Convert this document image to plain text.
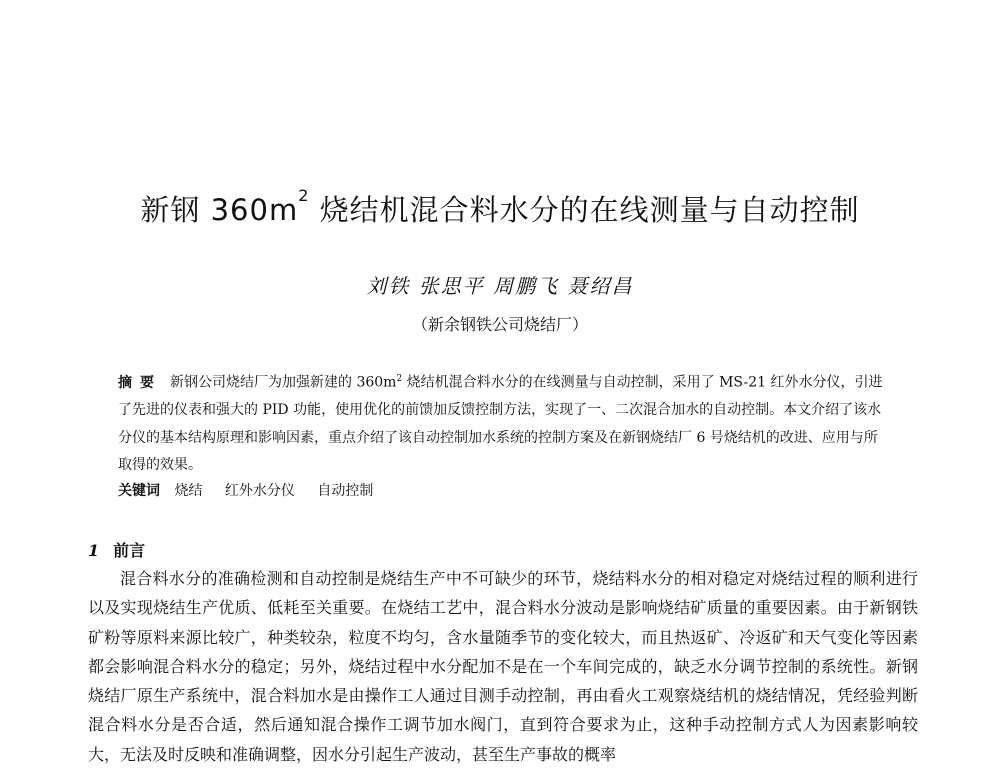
新钢 $360m^2$ 烧结机混合料水分的在线测量与自动控制
刘铁 张思平 周鹏飞 聂绍昌
（新余钢铁公司烧结厂）
摘要 新钢公司烧结厂为加强新建的 $360m^2$ 烧结机混合料水分的在线测量与自动控制，采用了 MS-21 红外水分仪，引进了先进的仪表和强大的 PID 功能，使用优化的前馈加反馈控制方法，实现了一、二次混合加水的自动控制。本文介绍了该水分仪的基本结构原理和影响因素，重点介绍了该自动控制加水系统的控制方案及在新钢烧结厂 6 号烧结机的改进、应用与所取得的效果。
关键词 烧结 红外水分仪 自动控制
1 前言
混合料水分的准确检测和自动控制是烧结生产中不可缺少的环节，烧结料水分的相对稳定对烧结过程的顺利进行以及实现烧结生产优质、低耗至关重要。在烧结工艺中，混合料水分波动是影响烧结矿质量的重要因素。由于新钢铁矿粉等原料来源比较广，种类较杂，粒度不均匀，含水量随季节的变化较大，而且热返矿、冷返矿和天气变化等因素都会影响混合料水分的稳定；另外，烧结过程中水分配加不是在一个车间完成的，缺乏水分调节控制的系统性。新钢烧结厂原生产系统中，混合料加水是由操作工人通过目测手动控制，再由看火工观察烧结机的烧结情况，凭经验判断混合料水分是否合适，然后通知混合操作工调节加水阀门，直到符合要求为止，这种手动控制方式人为因素影响较大，无法及时反映和准确调整，因水分引起生产波动，甚至生产事故的概率
